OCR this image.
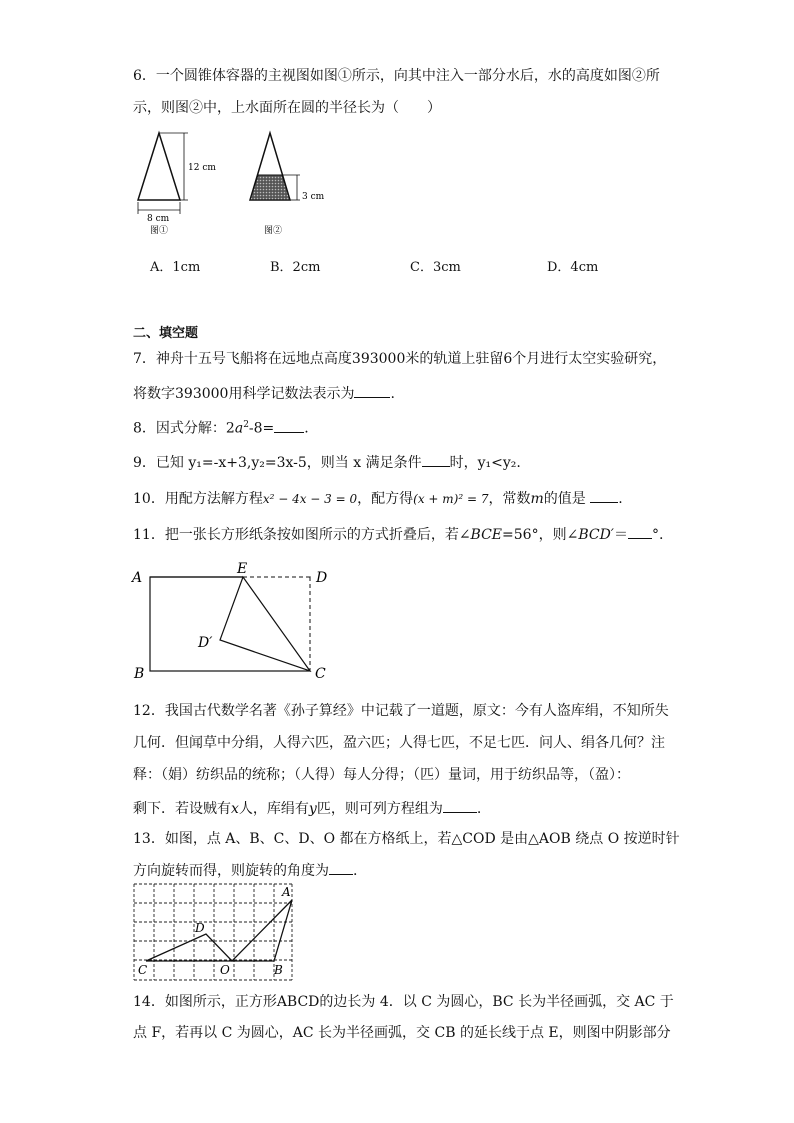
6．一个圆锥体容器的主视图如图①所示，向其中注入一部分水后，水的高度如图②所
示，则图②中，上水面所在圆的半径长为（　　）
12 cm
8 cm
图①
3 cm
图②
A．1cm	B．2cm	C．3cm	D．4cm
二、填空题
7．神舟十五号飞船将在远地点高度393000米的轨道上驻留6个月进行太空实验研究，
将数字393000用科学记数法表示为	.
8．因式分解：$2a^2-8=$ .
9．已知 y₁=-x+3,y₂=3x-5，则当 x 满足条件 时，y₁<y₂.
10．用配方法解方程x² − 4x − 3 = 0，配方得(x + m)² = 7，常数m的值是 .
11．把一张长方形纸条按如图所示的方式折叠后，若∠BCE=56°，则∠BCD′＝ °.
A
B	C
D
E
D′
12．我国古代数学名著《孙子算经》中记载了一道题，原文：今有人盗库绢，不知所失
几何．但闻草中分绢，人得六匹，盈六匹；人得七匹，不足七匹．问人、绢各几何？注
释：（娟）纺织品的统称；（人得）每人分得；（匹）量词，用于纺织品等，（盈）：
剩下．若设贼有x人，库绢有y匹，则可列方程组为 .
13．如图，点 A、B、C、D、O 都在方格纸上，若△COD 是由△AOB 绕点 O 按逆时针
方向旋转而得，则旋转的角度为 .
C
D
O	B
A
14．如图所示，正方形ABCD的边长为 4．以 C 为圆心，BC 长为半径画弧，交 AC 于
点 F，若再以 C 为圆心，AC 长为半径画弧，交 CB 的延长线于点 E，则图中阴影部分
